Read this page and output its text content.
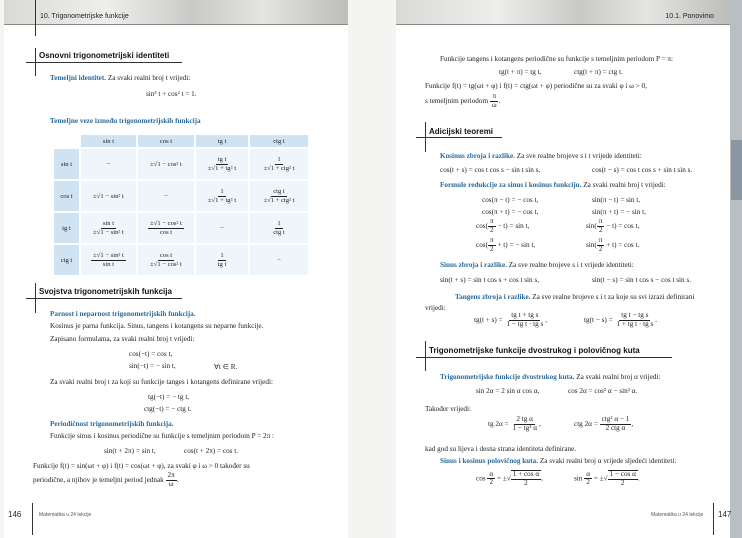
10. Trigonometrijske funkcije
Osnovni trigonometrijski identiteti
Temeljni identitet. Za svaki realni broj t vrijedi:
sin² t + cos² t = 1.
Temeljne veze između trigonometrijskih funkcija
	sin t	cos t	tg t	ctg t
sin t	−	±√1 − cos² t	$\frac{\text{tg t}}{\text{±√1 + tg² t}}$	$\frac{1}{\text{±√1 + ctg² t}}$

cos t	±√1 − sin² t	−	$\frac{1}{\text{±√1 + tg² t}}$	$\frac{\text{ctg t}}{\text{±√1 + ctg² t}}$

tg t	$\frac{\text{sin t}}{\text{±√1 − sin² t}}$	$\frac{\text{±√1 − cos² t}}{\text{cos t}}$	−	$\frac{1}{\text{ctg t}}$

ctg t	$\frac{\text{±√1 − sin² t}}{\text{sin t}}$	$\frac{\text{cos t}}{\text{±√1 − cos² t}}$	$\frac{1}{\text{tg t}}$	−
Svojstva trigonometrijskih funkcija
Parnost i neparnost trigonometrijskih funkcija.
Kosinus je parna funkcija. Sinus, tangens i kotangens su neparne funkcije.
Zapisano formulama, za svaki realni broj t vrijedi:
cos(−t) = cos t,
sin(−t) = − sin t,	∀t ∈ R.
Za svaki realni broj t za koji su funkcije tanges i kotangens definirane vrijedi:
tg(−t) = − tg t,
ctg(−t) = − ctg t.
Periodičnost trigonometrijskih funkcija.
Funkcije sinus i kosinus periodične su funkcije s temeljnim periodom P = 2π :
sin(t + 2π) = sin t,	cos(t + 2π) = cos t.
Funkcije f(t) = sin(ωt + φ) i f(t) = cos(ωt + φ), za svaki φ i ω > 0 također su
periodične, a njihov je temeljni period jednak $\frac{2\pi}{\omega}$ .
146	Matematika u 24 lekcije
10.1. Ponovimo
Funkcije tangens i kotangens periodične su funkcije s temeljnim periodom P = π:
tg(t + π) = tg t,	ctg(t + π) = ctg t.
Funkcije f(t) = tg(ωt + φ) i f(t) = ctg(ωt + φ) periodične su za svaki φ i ω > 0,
s temeljnim periodom $\frac{\pi}{\omega}$ .
Adicijski teoremi
Kosinus zbroja i razlike. Za sve realne brojeve s i t vrijede identiteti:
cos(t + s) = cos t cos s − sin t sin s,	cos(t − s) = cos t cos s + sin t sin s.
Formule redukcije za sinus i kosinus funkciju. Za svaki realni broj t vrijedi:
cos(π − t) = − cos t,	sin(π − t) = sin t,
cos(π + t) = − cos t,	sin(π + t) = − sin t,
$\cos( \frac{\pi}{2} - t) = \sin t$,	$\sin( \frac{\pi}{2} - t) = \cos t$,
$\cos( \frac{\pi}{2} + t)$ = − sin t,	$\sin( \frac{\pi}{2} + t) = \cos t$.
Sinus zbroja i razlike. Za sve realne brojeve s i t vrijede identiteti:
sin(t + s) = sin t cos s + cos t sin s,	sin(t − s) = sin t cos s − cos t sin s.
Tangens zbroja i razlike. Za sve realne brojeve s i t za koje su svi izrazi definirani
vrijedi:
$tg(t + s) = \frac{\text{tg t + tg s}}{\text{1 − tg t · tg s}}$ ,	$tg(t - s) = \frac{\text{tg t − tg s}}{\text{1 + tg t · tg s}}$ .
Trigonometrijske funkcije dvostrukog i polovičnog kuta
Trigonometrijske funkcije dvostrukog kuta. Za svaki realni broj α vrijedi:
sin 2α = 2 sin α cos α,	cos 2α = cos² α − sin² α.
Također vrijedi:
tg $2\alpha = \frac{\text{2 tg α}}{\text{1 − tg² α}}$ ,	ctg $2\alpha = \frac{\text{ctg² α − 1}}{\text{2 ctg α}}$ ,
kad god su lijeva i desna strana identiteta definirane.
Sinus i kosinus polovičnog kuta. Za svaki realni broj α vrijede sljedeći identiteti:
$\cos \frac{\alpha}{2}$ = ±√ $\frac{\text{1 + cos α}}{2}$ ,	$\sin \frac{\alpha}{2}$ = ±√ $\frac{\text{1 − cos α}}{2}$ .
Matematika u 24 lekcije 147
